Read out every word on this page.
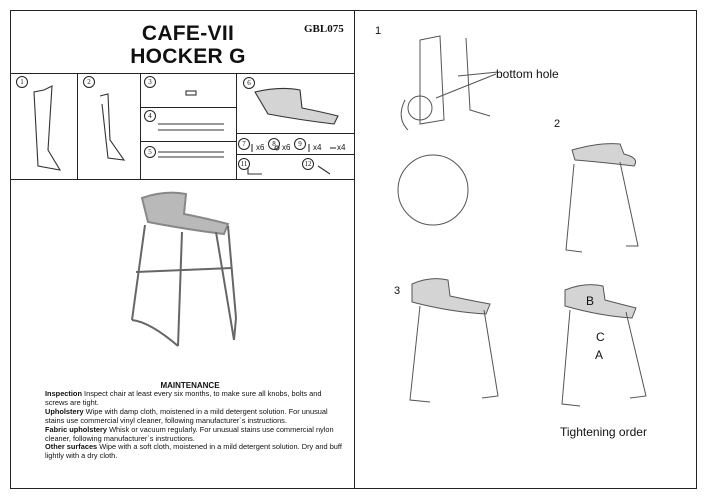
CAFE-VII
HOCKER G
GBL075
1	2	3
4
5
6
7	8	9
11	12
x6 x6	x4 x4
MAINTENANCE

Inspection Inspect chair at least every six months, to make sure all knobs, bolts and screws are tight.

Upholstery Wipe with damp cloth, moistened in a mild detergent solution. For unusual stains use commercial vinyl cleaner, following manufacturer`s instructions.

Fabric upholstery Whisk or vacuum regularly. For unusual stains use commercial nylon cleaner, following manufacturer`s instructions.

Other surfaces Wipe with a soft cloth, moistened in a mild detergent solution. Dry and buff lightly with a dry cloth.

1
2
3
bottom hole
Tightening order
A
B
C
